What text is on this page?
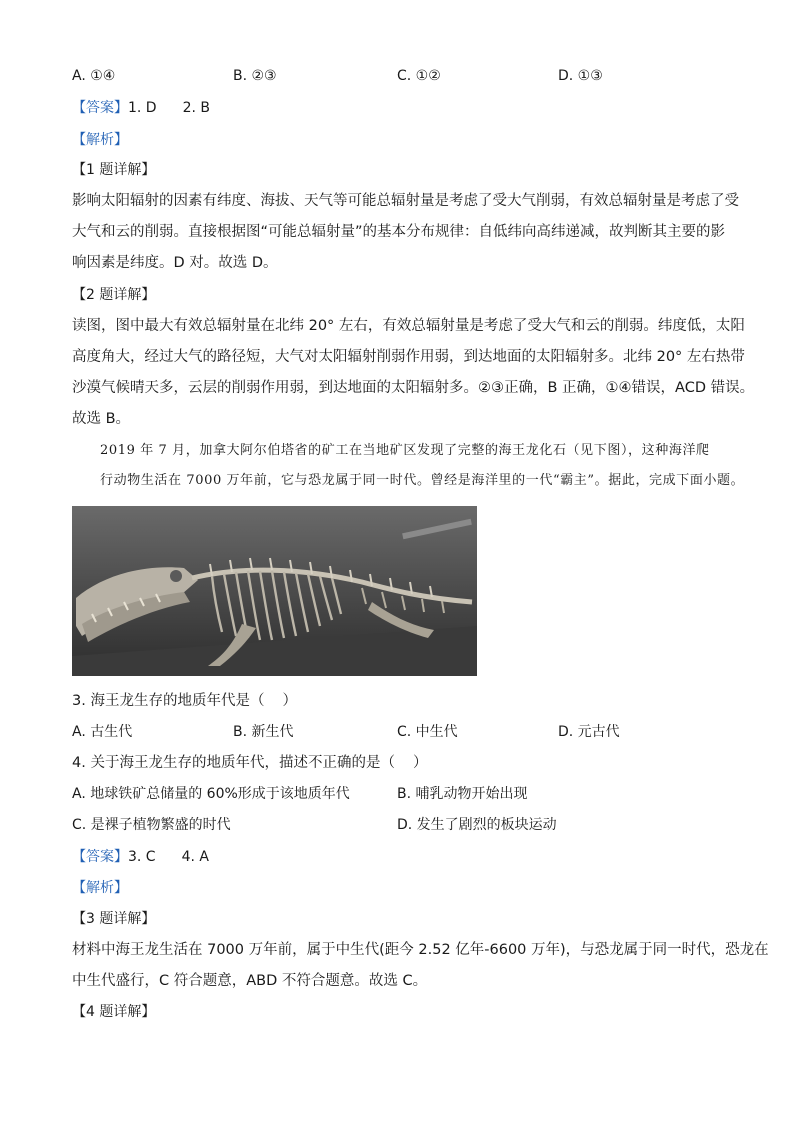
A. ①④	B. ②③	C. ①②	D. ①③
【答案】1. D 2. B
【解析】
【1 题详解】
影响太阳辐射的因素有纬度、海拔、天气等可能总辐射量是考虑了受大气削弱，有效总辐射量是考虑了受
大气和云的削弱。直接根据图“可能总辐射量”的基本分布规律：自低纬向高纬递减，故判断其主要的影
响因素是纬度。D 对。故选 D。
【2 题详解】
读图，图中最大有效总辐射量在北纬 20° 左右，有效总辐射量是考虑了受大气和云的削弱。纬度低，太阳
高度角大，经过大气的路径短，大气对太阳辐射削弱作用弱，到达地面的太阳辐射多。北纬 20° 左右热带
沙漠气候晴天多，云层的削弱作用弱，到达地面的太阳辐射多。②③正确，B 正确，①④错误，ACD 错误。
故选 B。
2019 年 7 月，加拿大阿尔伯塔省的矿工在当地矿区发现了完整的海王龙化石（见下图），这种海洋爬
行动物生活在 7000 万年前，它与恐龙属于同一时代。曾经是海洋里的一代“霸主”。据此，完成下面小题。
3. 海王龙生存的地质年代是（ ）
A. 古生代	B. 新生代	C. 中生代	D. 元古代
4. 关于海王龙生存的地质年代，描述不正确的是（ ）
A. 地球铁矿总储量的 60%形成于该地质年代	B. 哺乳动物开始出现
C. 是裸子植物繁盛的时代	D. 发生了剧烈的板块运动
【答案】3. C 4. A
【解析】
【3 题详解】
材料中海王龙生活在 7000 万年前，属于中生代(距今 2.52 亿年-6600 万年)，与恐龙属于同一时代，恐龙在
中生代盛行，C 符合题意，ABD 不符合题意。故选 C。
【4 题详解】
